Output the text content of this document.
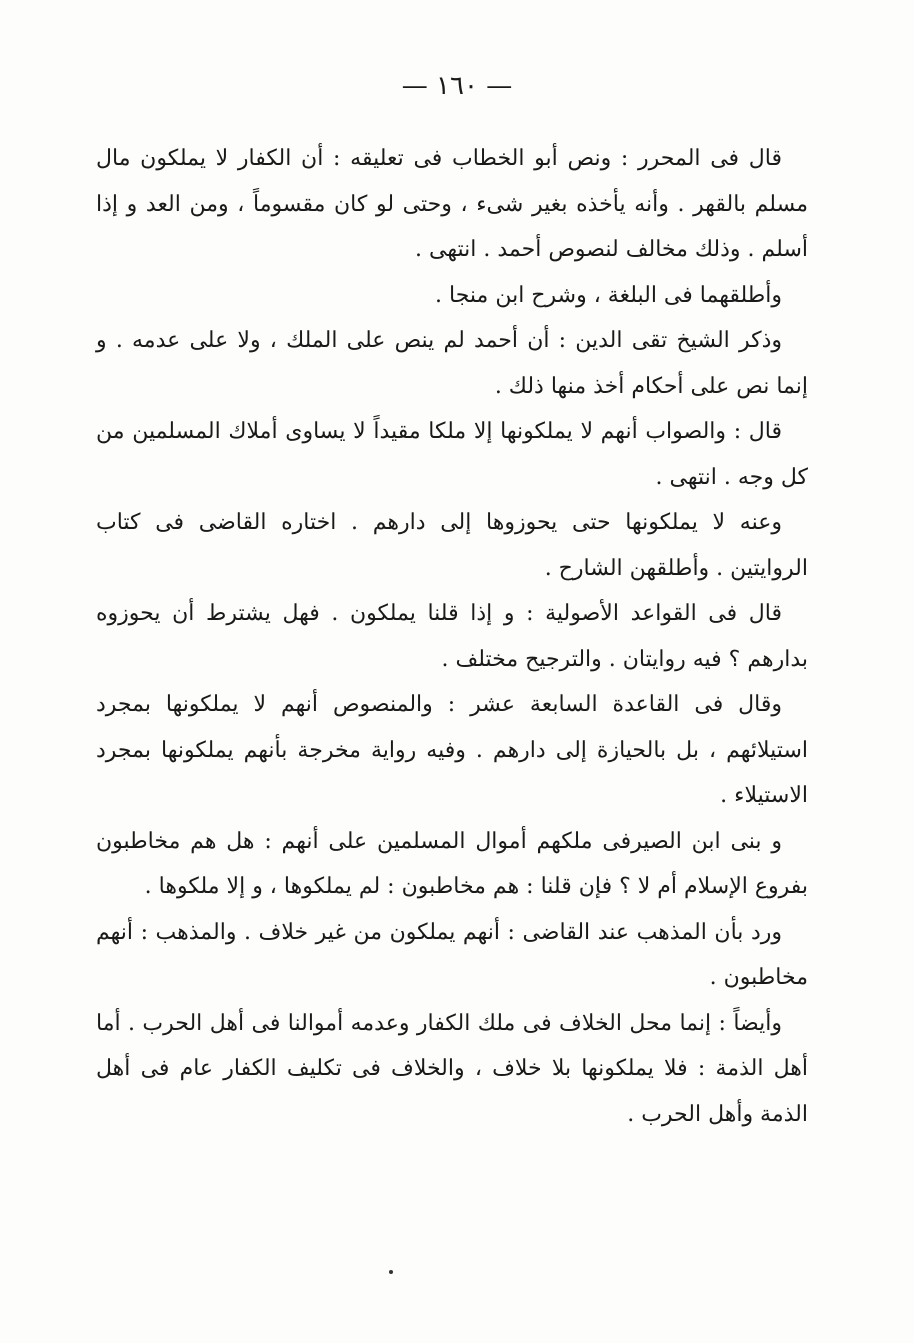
— ١٦٠ —

قال فى المحرر : ونص أبو الخطاب فى تعليقه : أن الكفار لا يملكون مال مسلم بالقهر . وأنه يأخذه بغير شىء ، وحتى لو كان مقسوماً ، ومن العد و إذا أسلم . وذلك مخالف لنصوص أحمد . انتهى .

وأطلقهما فى البلغة ، وشرح ابن منجا .

وذكر الشيخ تقى الدين : أن أحمد لم ينص على الملك ، ولا على عدمه . و إنما نص على أحكام أخذ منها ذلك .

قال : والصواب أنهم لا يملكونها إلا ملكا مقيداً لا يساوى أملاك المسلمين من كل وجه . انتهى .

وعنه لا يملكونها حتى يحوزوها إلى دارهم . اختاره القاضى فى كتاب الروايتين . وأطلقهن الشارح .

قال فى القواعد الأصولية : و إذا قلنا يملكون . فهل يشترط أن يحوزوه بدارهم ؟ فيه روايتان . والترجيح مختلف .

وقال فى القاعدة السابعة عشر : والمنصوص أنهم لا يملكونها بمجرد استيلائهم ، بل بالحيازة إلى دارهم . وفيه رواية مخرجة بأنهم يملكونها بمجرد الاستيلاء .

و بنى ابن الصيرفى ملكهم أموال المسلمين على أنهم : هل هم مخاطبون بفروع الإسلام أم لا ؟ فإن قلنا : هم مخاطبون : لم يملكوها ، و إلا ملكوها .

ورد بأن المذهب عند القاضى : أنهم يملكون من غير خلاف . والمذهب : أنهم مخاطبون .

وأيضاً : إنما محل الخلاف فى ملك الكفار وعدمه أموالنا فى أهل الحرب . أما أهل الذمة : فلا يملكونها بلا خلاف ، والخلاف فى تكليف الكفار عام فى أهل الذمة وأهل الحرب .
